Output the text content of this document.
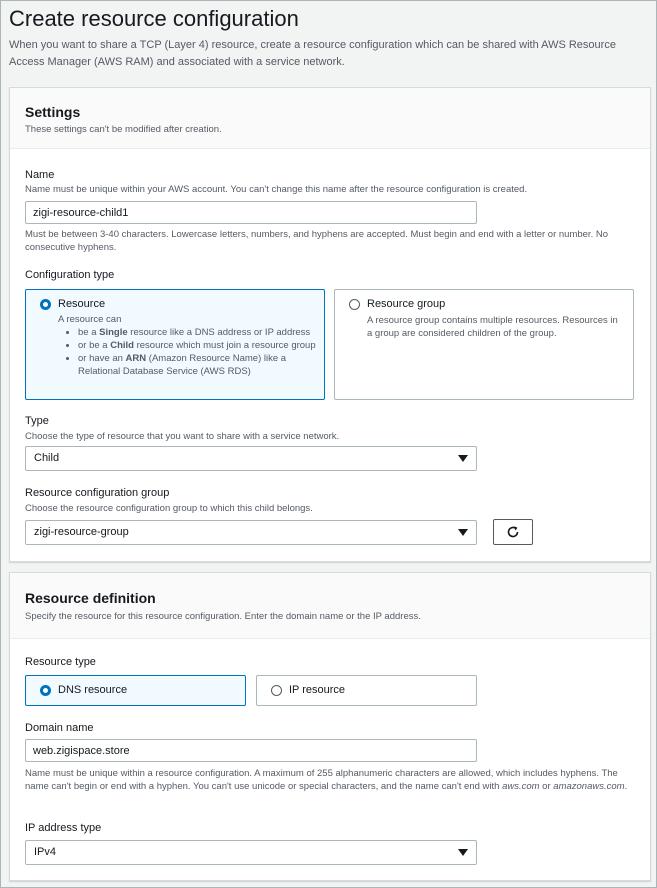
Create resource configuration

When you want to share a TCP (Layer 4) resource, create a resource configuration which can be shared with AWS Resource Access Manager (AWS RAM) and associated with a service network.

Settings
These settings can't be modified after creation.
Name
Name must be unique within your AWS account. You can't change this name after the resource configuration is created.
zigi-resource-child1
Must be between 3-40 characters. Lowercase letters, numbers, and hyphens are accepted. Must begin and end with a letter or number. No consecutive hyphens.
Configuration type
Resource
A resource can
• be a Single resource like a DNS address or IP address
• or be a Child resource which must join a resource group
• or have an ARN (Amazon Resource Name) like a Relational Database Service (AWS RDS)
Resource group
A resource group contains multiple resources. Resources in a group are considered children of the group.
Type
Choose the type of resource that you want to share with a service network.
Child
Resource configuration group
Choose the resource configuration group to which this child belongs.
zigi-resource-group
Resource definition
Specify the resource for this resource configuration. Enter the domain name or the IP address.
Resource type
DNS resource	IP resource
Domain name
web.zigispace.store
Name must be unique within a resource configuration. A maximum of 255 alphanumeric characters are allowed, which includes hyphens. The name can't begin or end with a hyphen. You can't use unicode or special characters, and the name can't end with aws.com or amazonaws.com.
IP address type
IPv4
